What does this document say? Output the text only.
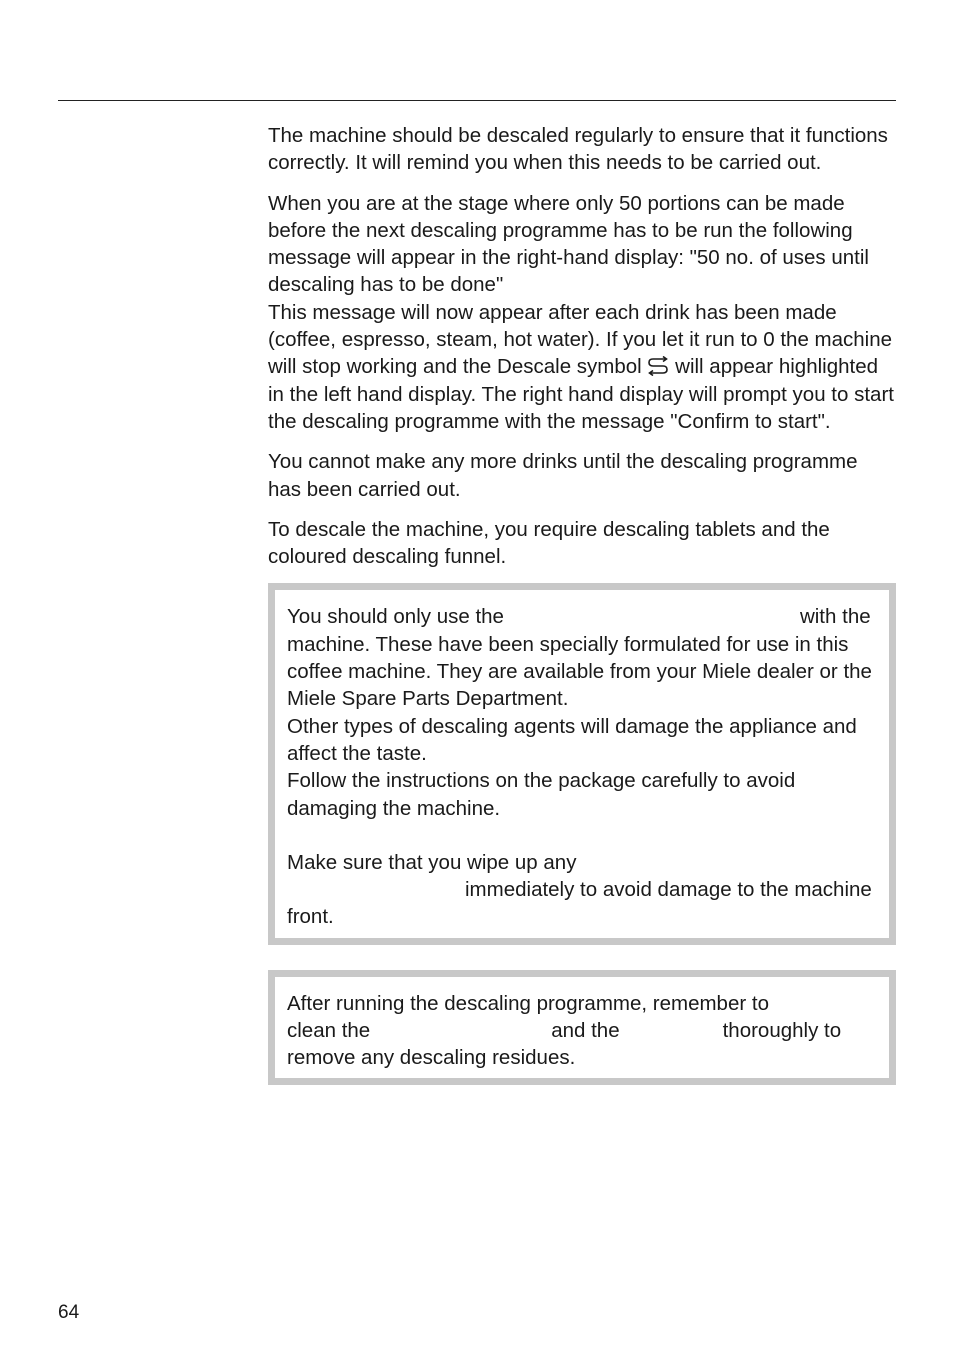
The machine should be descaled regularly to ensure that it functions correctly. It will remind you when this needs to be carried out.

When you are at the stage where only 50 portions can be made before the next descaling programme has to be run the following message will appear in the right-hand display: "50 no. of uses until descaling has to be done"
This message will now appear after each drink has been made (coffee, espresso, steam, hot water). If you let it run to 0 the machine will stop working and the Descale symbol will appear highlighted in the left hand display. The right hand display will prompt you to start the descaling programme with the message "Confirm to start".

You cannot make any more drinks until the descaling programme has been carried out.

To descale the machine, you require descaling tablets and the coloured descaling funnel.

You should only use the	with the machine. These have been specially formulated for use in this coffee machine. They are available from your Miele dealer or the Miele Spare Parts Department.
Other types of descaling agents will damage the appliance and affect the taste.
Follow the instructions on the package carefully to avoid damaging the machine.

Make sure that you wipe up any
immediately to avoid damage to the machine front.

After running the descaling programme, remember to
clean the	and the	thoroughly to
remove any descaling residues.

64
